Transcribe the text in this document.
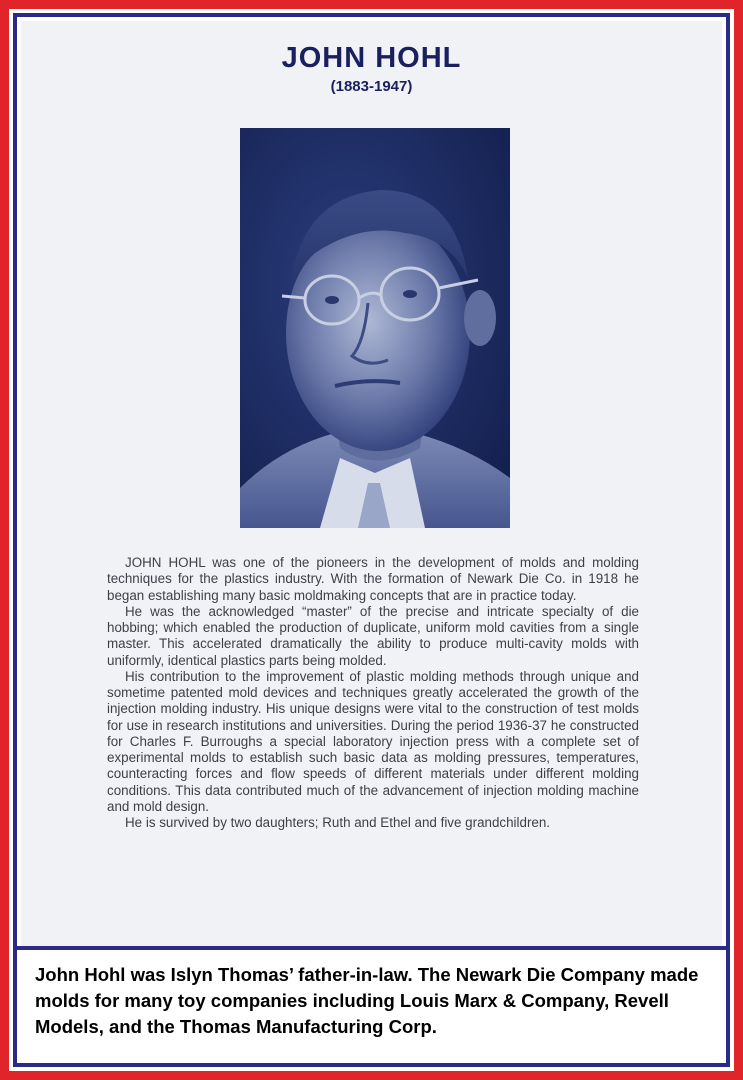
JOHN HOHL
(1883-1947)

JOHN HOHL was one of the pioneers in the development of molds and molding techniques for the plastics industry. With the formation of Newark Die Co. in 1918 he began establishing many basic moldmaking concepts that are in practice today.

He was the acknowledged “master” of the precise and intricate specialty of die hobbing; which enabled the production of duplicate, uniform mold cavities from a single master. This accelerated dramatically the ability to produce multi-cavity molds with uniformly, identical plastics parts being molded.

His contribution to the improvement of plastic molding methods through unique and sometime patented mold devices and techniques greatly accelerated the growth of the injection molding industry. His unique designs were vital to the construction of test molds for use in research institutions and universities. During the period 1936-37 he constructed for Charles F. Burroughs a special laboratory injection press with a complete set of experimental molds to establish such basic data as molding pressures, temperatures, counteracting forces and flow speeds of different materials under different molding conditions. This data contributed much of the advancement of injection molding machine and mold design.

He is survived by two daughters; Ruth and Ethel and five grandchildren.

John Hohl was Islyn Thomas’ father-in-law. The Newark Die Company made molds for many toy companies including Louis Marx & Company, Revell Models, and the Thomas Manufacturing Corp.
